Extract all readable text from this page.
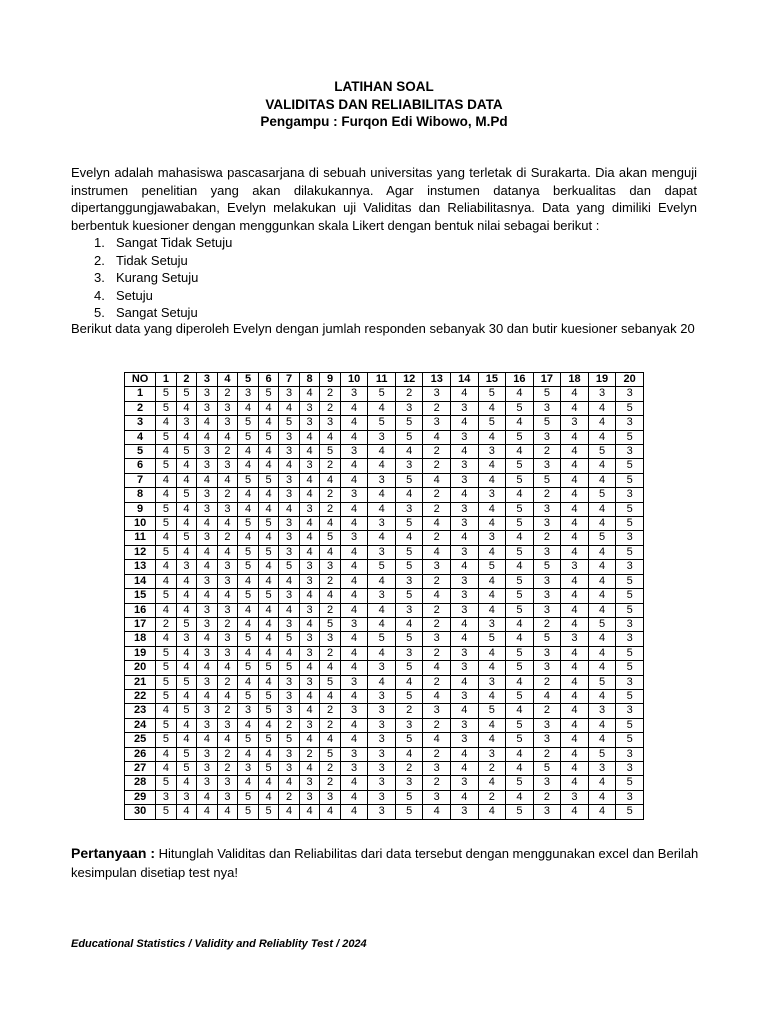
LATIHAN SOAL
VALIDITAS DAN RELIABILITAS DATA
Pengampu : Furqon Edi Wibowo, M.Pd

Evelyn adalah mahasiswa pascasarjana di sebuah universitas yang terletak di Surakarta. Dia akan menguji instrumen penelitian yang akan dilakukannya. Agar instumen datanya berkualitas dan dapat dipertanggungjawabakan, Evelyn melakukan uji Validitas dan Reliabilitasnya. Data yang dimiliki Evelyn berbentuk kuesioner dengan menggunkan skala Likert dengan bentuk nilai sebagai berikut :

1. Sangat Tidak Setuju
2. Tidak Setuju
3. Kurang Setuju
4. Setuju
5. Sangat Setuju

Berikut data yang diperoleh Evelyn dengan jumlah responden sebanyak 30 dan butir kuesioner sebanyak 20

NO	1	2	3	4	5	6	7	8	9	10	11	12	13	14	15	16	17	18	19	20
1	5	5	3	2	3	5	3	4	2	3	5	2	3	4	5	4	5	4	3	3
2	5	4	3	3	4	4	4	3	2	4	4	3	2	3	4	5	3	4	4	5
3	4	3	4	3	5	4	5	3	3	4	5	5	3	4	5	4	5	3	4	3
4	5	4	4	4	5	5	3	4	4	4	3	5	4	3	4	5	3	4	4	5
5	4	5	3	2	4	4	3	4	5	3	4	4	2	4	3	4	2	4	5	3
6	5	4	3	3	4	4	4	3	2	4	4	3	2	3	4	5	3	4	4	5
7	4	4	4	4	5	5	3	4	4	4	3	5	4	3	4	5	5	4	4	5
8	4	5	3	2	4	4	3	4	2	3	4	4	2	4	3	4	2	4	5	3
9	5	4	3	3	4	4	4	3	2	4	4	3	2	3	4	5	3	4	4	5
10	5	4	4	4	5	5	3	4	4	4	3	5	4	3	4	5	3	4	4	5
11	4	5	3	2	4	4	3	4	5	3	4	4	2	4	3	4	2	4	5	3
12	5	4	4	4	5	5	3	4	4	4	3	5	4	3	4	5	3	4	4	5
13	4	3	4	3	5	4	5	3	3	4	5	5	3	4	5	4	5	3	4	3
14	4	4	3	3	4	4	4	3	2	4	4	3	2	3	4	5	3	4	4	5
15	5	4	4	4	5	5	3	4	4	4	3	5	4	3	4	5	3	4	4	5
16	4	4	3	3	4	4	4	3	2	4	4	3	2	3	4	5	3	4	4	5
17	2	5	3	2	4	4	3	4	5	3	4	4	2	4	3	4	2	4	5	3
18	4	3	4	3	5	4	5	3	3	4	5	5	3	4	5	4	5	3	4	3
19	5	4	3	3	4	4	4	3	2	4	4	3	2	3	4	5	3	4	4	5
20	5	4	4	4	5	5	5	4	4	4	3	5	4	3	4	5	3	4	4	5
21	5	5	3	2	4	4	3	3	5	3	4	4	2	4	3	4	2	4	5	3
22	5	4	4	4	5	5	3	4	4	4	3	5	4	3	4	5	4	4	4	5
23	4	5	3	2	3	5	3	4	2	3	3	2	3	4	5	4	2	4	3	3
24	5	4	3	3	4	4	2	3	2	4	3	3	2	3	4	5	3	4	4	5
25	5	4	4	4	5	5	5	4	4	4	3	5	4	3	4	5	3	4	4	5
26	4	5	3	2	4	4	3	2	5	3	3	4	2	4	3	4	2	4	5	3
27	4	5	3	2	3	5	3	4	2	3	3	2	3	4	2	4	5	4	3	3
28	5	4	3	3	4	4	4	3	2	4	3	3	2	3	4	5	3	4	4	5
29	3	3	4	3	5	4	2	3	3	4	3	5	3	4	2	4	2	3	4	3
30	5	4	4	4	5	5	4	4	4	4	3	5	4	3	4	5	3	4	4	5
Pertanyaan : Hitunglah Validitas dan Reliabilitas dari data tersebut dengan menggunakan excel dan Berilah kesimpulan disetiap test nya!
Educational Statistics / Validity and Reliablity Test / 2024
